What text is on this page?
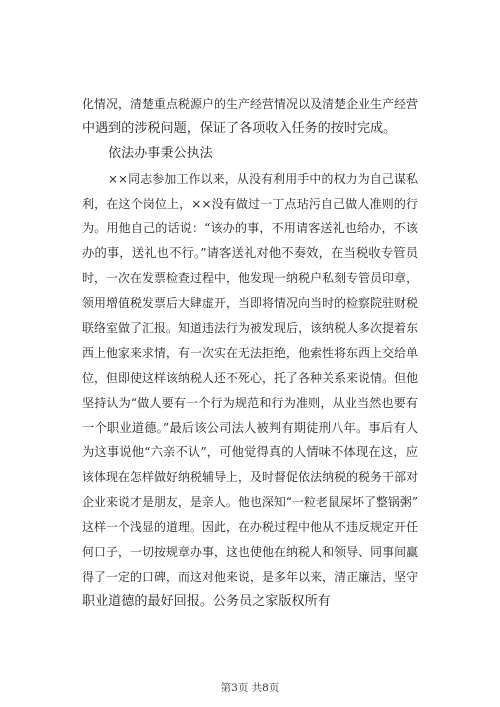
化情况，清楚重点税源户的生产经营情况以及清楚企业生产经营
中遇到的涉税问题，保证了各项收入任务的按时完成。
依法办事秉公执法
××同志参加工作以来，从没有利用手中的权力为自己谋私
利，在这个岗位上，××没有做过一丁点玷污自己做人准则的行
为。用他自己的话说：“该办的事，不用请客送礼也给办，不该
办的事，送礼也不行。”请客送礼对他不奏效，在当税收专管员
时，一次在发票检查过程中，他发现一纳税户私刻专管员印章，
领用增值税发票后大肆虚开，当即将情况向当时的检察院驻财税
联络室做了汇报。知道违法行为被发现后，该纳税人多次提着东
西上他家来求情，有一次实在无法拒绝，他索性将东西上交给单
位，但即使这样该纳税人还不死心，托了各种关系来说情。但他
坚持认为“做人要有一个行为规范和行为准则，从业当然也要有
一个职业道德。”最后该公司法人被判有期徒刑八年。事后有人
为这事说他“六亲不认”，可他觉得真的人情味不体现在这，应
该体现在怎样做好纳税辅导上，及时督促依法纳税的税务干部对
企业来说才是朋友，是亲人。他也深知“一粒老鼠屎坏了整锅粥”
这样一个浅显的道理。因此，在办税过程中他从不违反规定开任
何口子，一切按规章办事，这也使他在纳税人和领导、同事间赢
得了一定的口碑，而这对他来说，是多年以来，清正廉洁，坚守
职业道德的最好回报。公务员之家版权所有
第3页 共8页
